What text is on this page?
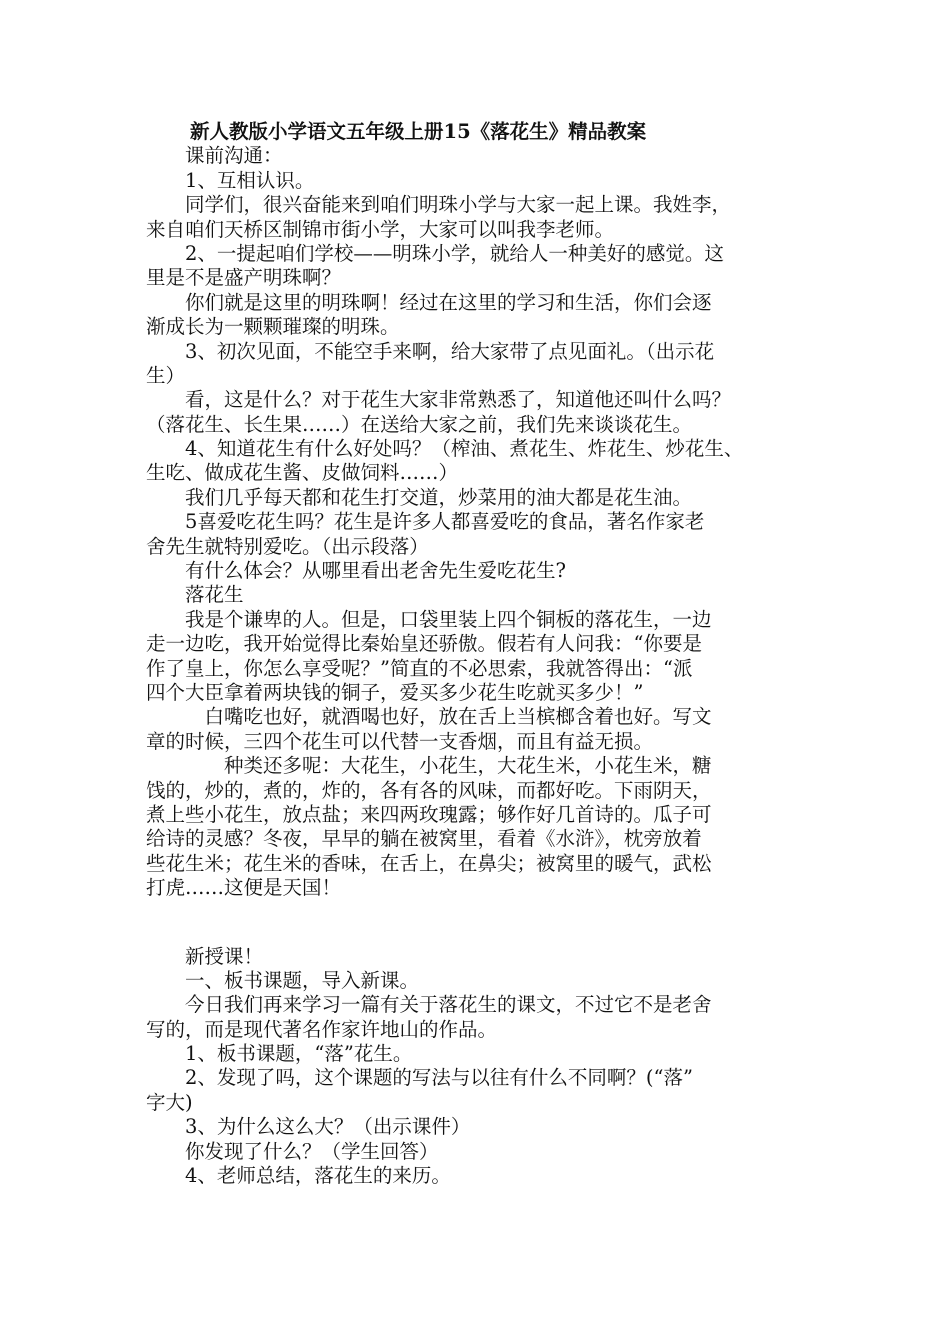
新人教版小学语文五年级上册15《落花生》精品教案
　　课前沟通：
　　1、互相认识。
　　同学们，很兴奋能来到咱们明珠小学与大家一起上课。我姓李，
来自咱们天桥区制锦市街小学，大家可以叫我李老师。
　　2、一提起咱们学校——明珠小学，就给人一种美好的感觉。这
里是不是盛产明珠啊？
　　你们就是这里的明珠啊！经过在这里的学习和生活，你们会逐
渐成长为一颗颗璀璨的明珠。
　　3、初次见面，不能空手来啊，给大家带了点见面礼。（出示花
生）
　　看，这是什么？对于花生大家非常熟悉了，知道他还叫什么吗？
（落花生、长生果……）在送给大家之前，我们先来谈谈花生。
　　4、知道花生有什么好处吗？（榨油、煮花生、炸花生、炒花生、
生吃、做成花生酱、皮做饲料……）
　　我们几乎每天都和花生打交道，炒菜用的油大都是花生油。
　　5喜爱吃花生吗？花生是许多人都喜爱吃的食品，著名作家老
舍先生就特别爱吃。（出示段落）
　　有什么体会？从哪里看出老舍先生爱吃花生?
　　落花生
　　我是个谦卑的人。但是，口袋里装上四个铜板的落花生，一边
走一边吃，我开始觉得比秦始皇还骄傲。假若有人问我：“你要是
作了皇上，你怎么享受呢？”简直的不必思索，我就答得出：“派
四个大臣拿着两块钱的铜子，爱买多少花生吃就买多少！”
　　　白嘴吃也好，就酒喝也好，放在舌上当槟榔含着也好。写文
章的时候，三四个花生可以代替一支香烟，而且有益无损。
　　　　种类还多呢：大花生，小花生，大花生米，小花生米，糖
饯的，炒的，煮的，炸的，各有各的风味，而都好吃。下雨阴天，
煮上些小花生，放点盐；来四两玫瑰露；够作好几首诗的。瓜子可
给诗的灵感？冬夜，早早的躺在被窝里，看着《水浒》，枕旁放着
些花生米；花生米的香味，在舌上，在鼻尖；被窝里的暖气，武松
打虎……这便是天国！
　　新授课！
　　一、板书课题，导入新课。
　　今日我们再来学习一篇有关于落花生的课文，不过它不是老舍
写的，而是现代著名作家许地山的作品。
　　1、板书课题，“落”花生。
　　2、发现了吗，这个课题的写法与以往有什么不同啊？(“落”
字大)
　　3、为什么这么大？（出示课件）
　　你发现了什么？（学生回答）
　　4、老师总结，落花生的来历。
